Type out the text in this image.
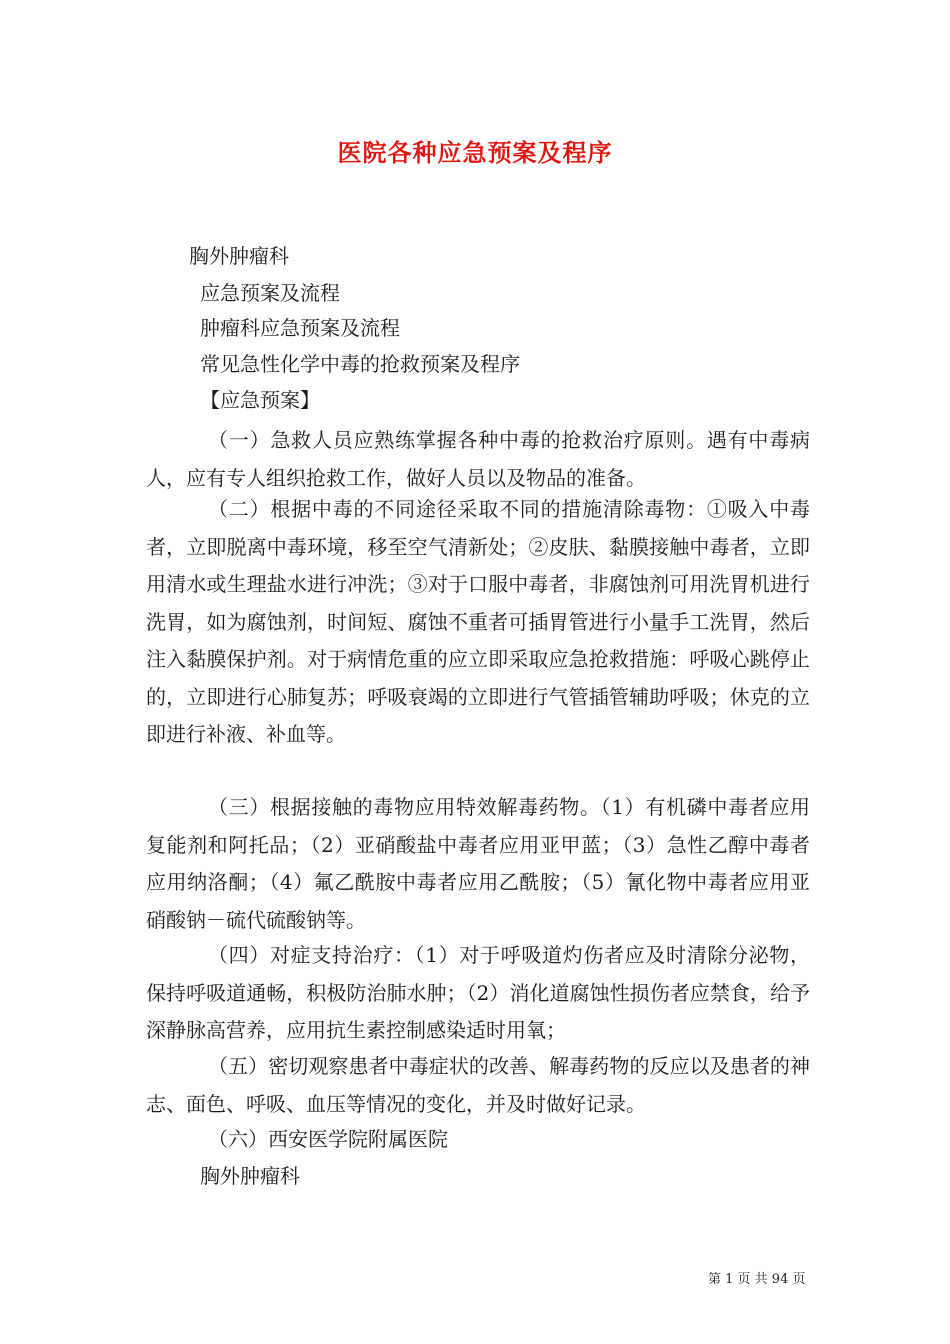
医院各种应急预案及程序
胸外肿瘤科
应急预案及流程
肿瘤科应急预案及流程
常见急性化学中毒的抢救预案及程序
【应急预案】
（一）急救人员应熟练掌握各种中毒的抢救治疗原则。遇有中毒病人，应有专人组织抢救工作，做好人员以及物品的准备。
（二）根据中毒的不同途径采取不同的措施清除毒物：①吸入中毒者，立即脱离中毒环境，移至空气清新处；②皮肤、黏膜接触中毒者，立即用清水或生理盐水进行冲洗；③对于口服中毒者，非腐蚀剂可用洗胃机进行洗胃，如为腐蚀剂，时间短、腐蚀不重者可插胃管进行小量手工洗胃，然后注入黏膜保护剂。对于病情危重的应立即采取应急抢救措施：呼吸心跳停止的，立即进行心肺复苏；呼吸衰竭的立即进行气管插管辅助呼吸；休克的立即进行补液、补血等。
（三）根据接触的毒物应用特效解毒药物。（1）有机磷中毒者应用复能剂和阿托品；（2）亚硝酸盐中毒者应用亚甲蓝；（3）急性乙醇中毒者应用纳洛酮；（4）氟乙酰胺中毒者应用乙酰胺；（5）氰化物中毒者应用亚硝酸钠－硫代硫酸钠等。
（四）对症支持治疗：（1）对于呼吸道灼伤者应及时清除分泌物，保持呼吸道通畅，积极防治肺水肿；（2）消化道腐蚀性损伤者应禁食，给予深静脉高营养，应用抗生素控制感染适时用氧；
（五）密切观察患者中毒症状的改善、解毒药物的反应以及患者的神志、面色、呼吸、血压等情况的变化，并及时做好记录。
（六）西安医学院附属医院
胸外肿瘤科
第 1 页 共 94 页
